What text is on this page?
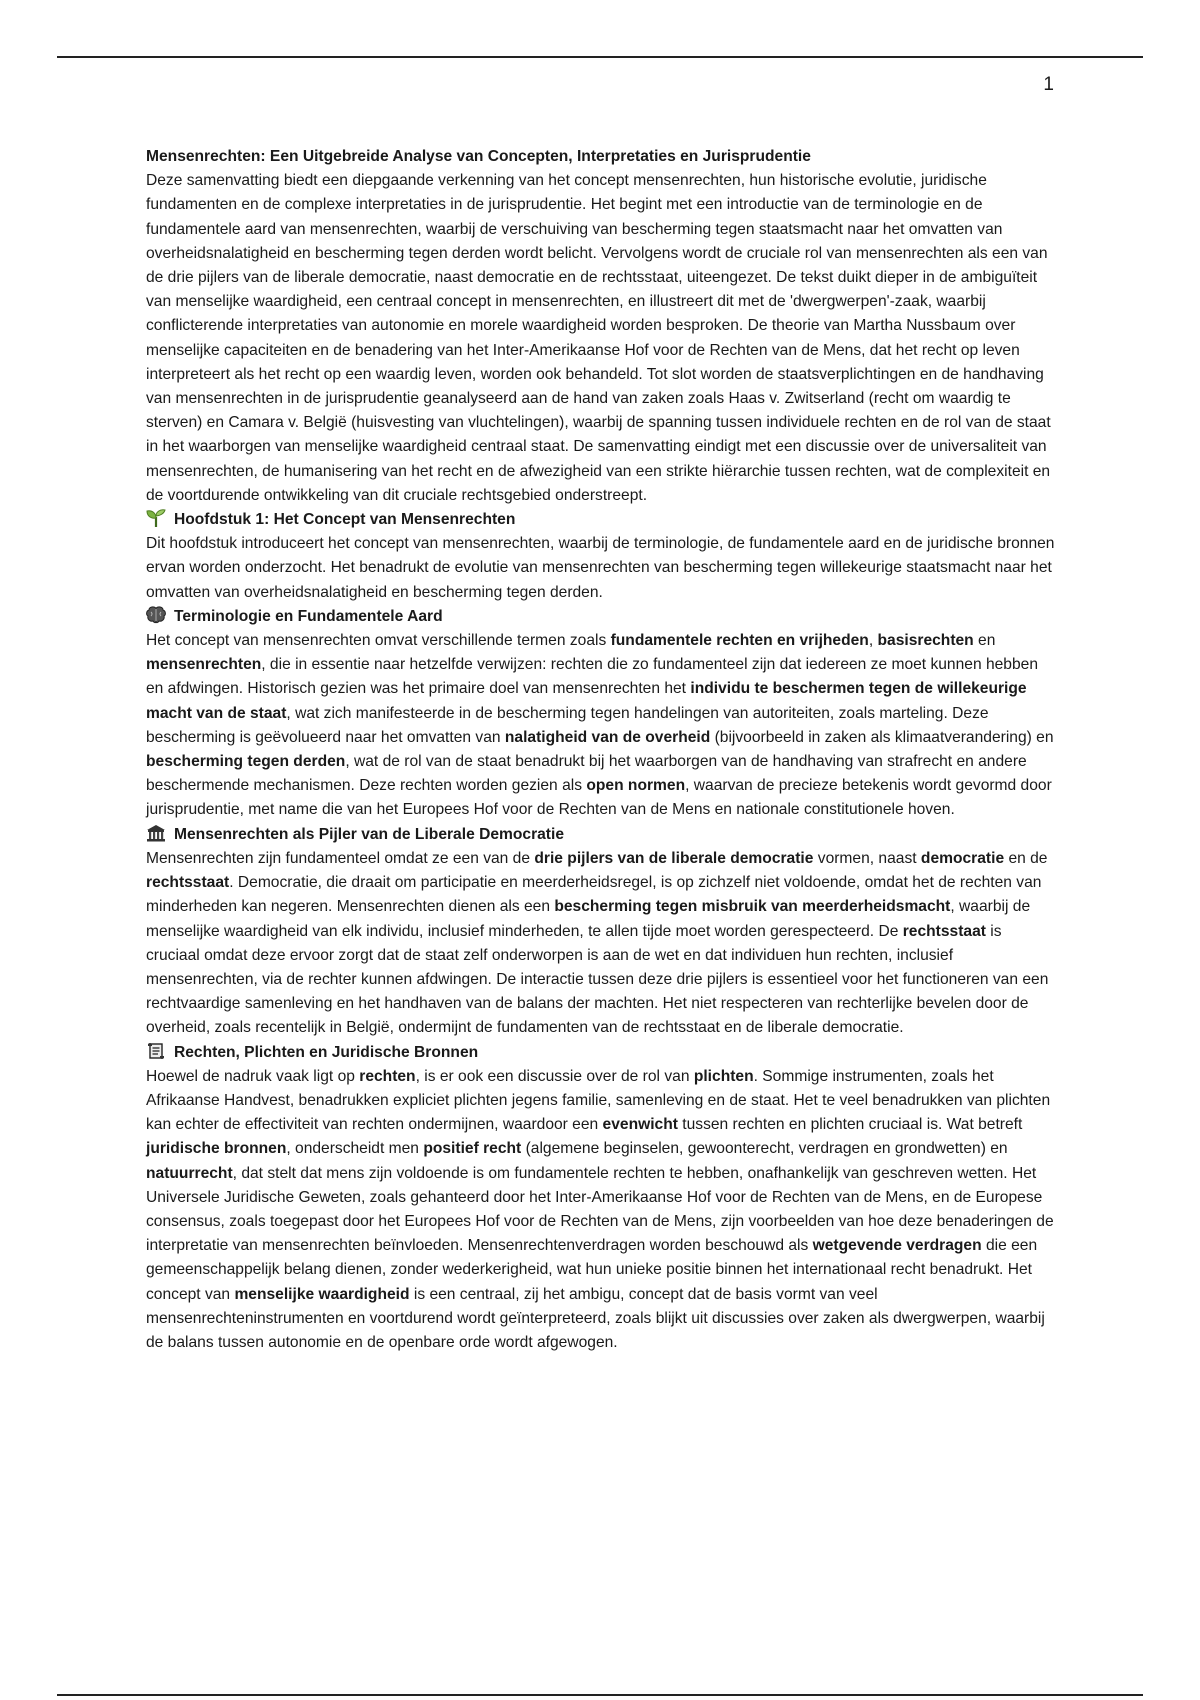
1

Mensenrechten: Een Uitgebreide Analyse van Concepten, Interpretaties en Jurisprudentie

Deze samenvatting biedt een diepgaande verkenning van het concept mensenrechten, hun historische evolutie, juridische fundamenten en de complexe interpretaties in de jurisprudentie. Het begint met een introductie van de terminologie en de fundamentele aard van mensenrechten, waarbij de verschuiving van bescherming tegen staatsmacht naar het omvatten van overheidsnalatigheid en bescherming tegen derden wordt belicht. Vervolgens wordt de cruciale rol van mensenrechten als een van de drie pijlers van de liberale democratie, naast democratie en de rechtsstaat, uiteengezet. De tekst duikt dieper in de ambiguïteit van menselijke waardigheid, een centraal concept in mensenrechten, en illustreert dit met de 'dwergwerpen'-zaak, waarbij conflicterende interpretaties van autonomie en morele waardigheid worden besproken. De theorie van Martha Nussbaum over menselijke capaciteiten en de benadering van het Inter-Amerikaanse Hof voor de Rechten van de Mens, dat het recht op leven interpreteert als het recht op een waardig leven, worden ook behandeld. Tot slot worden de staatsverplichtingen en de handhaving van mensenrechten in de jurisprudentie geanalyseerd aan de hand van zaken zoals Haas v. Zwitserland (recht om waardig te sterven) en Camara v. België (huisvesting van vluchtelingen), waarbij de spanning tussen individuele rechten en de rol van de staat in het waarborgen van menselijke waardigheid centraal staat. De samenvatting eindigt met een discussie over de universaliteit van mensenrechten, de humanisering van het recht en de afwezigheid van een strikte hiërarchie tussen rechten, wat de complexiteit en de voortdurende ontwikkeling van dit cruciale rechtsgebied onderstreept.

Hoofdstuk 1: Het Concept van Mensenrechten

Dit hoofdstuk introduceert het concept van mensenrechten, waarbij de terminologie, de fundamentele aard en de juridische bronnen ervan worden onderzocht. Het benadrukt de evolutie van mensenrechten van bescherming tegen willekeurige staatsmacht naar het omvatten van overheidsnalatigheid en bescherming tegen derden.

Terminologie en Fundamentele Aard

Het concept van mensenrechten omvat verschillende termen zoals fundamentele rechten en vrijheden, basisrechten en mensenrechten, die in essentie naar hetzelfde verwijzen: rechten die zo fundamenteel zijn dat iedereen ze moet kunnen hebben en afdwingen. Historisch gezien was het primaire doel van mensenrechten het individu te beschermen tegen de willekeurige macht van de staat, wat zich manifesteerde in de bescherming tegen handelingen van autoriteiten, zoals marteling. Deze bescherming is geëvolueerd naar het omvatten van nalatigheid van de overheid (bijvoorbeeld in zaken als klimaatverandering) en bescherming tegen derden, wat de rol van de staat benadrukt bij het waarborgen van de handhaving van strafrecht en andere beschermende mechanismen. Deze rechten worden gezien als open normen, waarvan de precieze betekenis wordt gevormd door jurisprudentie, met name die van het Europees Hof voor de Rechten van de Mens en nationale constitutionele hoven.

Mensenrechten als Pijler van de Liberale Democratie

Mensenrechten zijn fundamenteel omdat ze een van de drie pijlers van de liberale democratie vormen, naast democratie en de rechtsstaat. Democratie, die draait om participatie en meerderheidsregel, is op zichzelf niet voldoende, omdat het de rechten van minderheden kan negeren. Mensenrechten dienen als een bescherming tegen misbruik van meerderheidsmacht, waarbij de menselijke waardigheid van elk individu, inclusief minderheden, te allen tijde moet worden gerespecteerd. De rechtsstaat is cruciaal omdat deze ervoor zorgt dat de staat zelf onderworpen is aan de wet en dat individuen hun rechten, inclusief mensenrechten, via de rechter kunnen afdwingen. De interactie tussen deze drie pijlers is essentieel voor het functioneren van een rechtvaardige samenleving en het handhaven van de balans der machten. Het niet respecteren van rechterlijke bevelen door de overheid, zoals recentelijk in België, ondermijnt de fundamenten van de rechtsstaat en de liberale democratie.

Rechten, Plichten en Juridische Bronnen

Hoewel de nadruk vaak ligt op rechten, is er ook een discussie over de rol van plichten. Sommige instrumenten, zoals het Afrikaanse Handvest, benadrukken expliciet plichten jegens familie, samenleving en de staat. Het te veel benadrukken van plichten kan echter de effectiviteit van rechten ondermijnen, waardoor een evenwicht tussen rechten en plichten cruciaal is. Wat betreft juridische bronnen, onderscheidt men positief recht (algemene beginselen, gewoonterecht, verdragen en grondwetten) en natuurrecht, dat stelt dat mens zijn voldoende is om fundamentele rechten te hebben, onafhankelijk van geschreven wetten. Het Universele Juridische Geweten, zoals gehanteerd door het Inter-Amerikaanse Hof voor de Rechten van de Mens, en de Europese consensus, zoals toegepast door het Europees Hof voor de Rechten van de Mens, zijn voorbeelden van hoe deze benaderingen de interpretatie van mensenrechten beïnvloeden. Mensenrechtenverdragen worden beschouwd als wetgevende verdragen die een gemeenschappelijk belang dienen, zonder wederkerigheid, wat hun unieke positie binnen het internationaal recht benadrukt. Het concept van menselijke waardigheid is een centraal, zij het ambigu, concept dat de basis vormt van veel mensenrechteninstrumenten en voortdurend wordt geïnterpreteerd, zoals blijkt uit discussies over zaken als dwergwerpen, waarbij de balans tussen autonomie en de openbare orde wordt afgewogen.
